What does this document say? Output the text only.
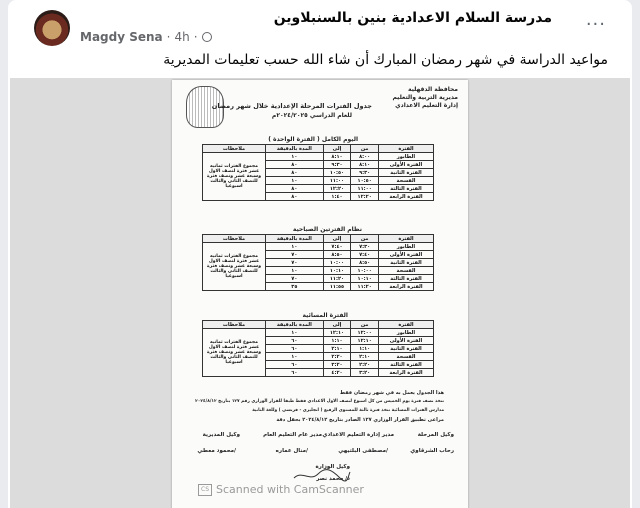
مدرسة السلام الاعدادية بنين بالسنبلاوين
Magdy Sena · 4h ·
···
مواعيد الدراسة في شهر رمضان المبارك أن شاء الله حسب تعليمات المديرية
محافظة الدقهلية
مديرية التربية والتعليم
إدارة التعليم الاعدادي
جدول الفترات المرحلة الإعدادية خلال شهر رمضان
للعام الدراسي ٢٠٢٤/٢٠٢٥م
اليوم الكامل ( الفترة الواحدة )
الفترة	من	إلى	المدة بالدقيقة	ملاحظات
الطابور	٨:٠٠	٨:١٠	١٠	مجموع الفترات ثمانيه عشر فترة لنصف الاول وسبعة عشر ونصف فترة للنصف الثاني والثالث اسبوعيا
الفترة الأولى	٨:١٠	٩:٣٠	٨٠	
الفترة الثانية	٩:٣٠	١٠:٥٠	٨٠	
الفسحة	١٠:٥٠	١١:٠٠	١٠	
الفترة الثالثة	١١:٠٠	١٢:٢٠	٨٠	
الفترة الرابعة	١٢:٢٠	١:٤٠	٨٠	
نظام الفترتين الصباحية
الفترة	من	إلى	المدة بالدقيقة	ملاحظات
الطابور	٧:٣٠	٧:٤٠	١٠	مجموع الفترات ثمانيه عشر فترة لنصف الاول وسبعة عشر ونصف فترة للنصف الثاني والثالث اسبوعيا
الفترة الأولى	٧:٤٠	٨:٥٠	٧٠	
الفترة الثانية	٨:٥٠	١٠:٠٠	٧٠	
الفسحة	١٠:٠٠	١٠:١٠	١٠	
الفترة الثالثة	١٠:١٠	١١:٢٠	٧٠	
الفترة الرابعة	١١:٢٠	١١:٥٥	٣٥	
الفترة المسائية
الفترة	من	إلى	المدة بالدقيقة	ملاحظات
الطابور	١٢:٠٠	١٢:١٠	١٠	مجموع الفترات ثمانيه عشر فترة لنصف الاول وسبعة عشر ونصف فترة للنصف الثاني والثالث اسبوعيا
الفترة الأولى	١٢:١٠	١:١٠	٦٠	
الفترة الثانية	١:١٠	٢:١٠	٦٠	
الفسحة	٢:١٠	٢:٢٠	١٠	
الفترة الثالثة	٢:٢٠	٣:٢٠	٦٠	
الفترة الرابعة	٣:٢٠	٤:٢٠	٦٠	
هذا الجدول يعمل به في شهر رمضان فقط
تتخذ نصف فترة يوم الخميس من كل اسبوع لنصف الاول الاعدادي فقط طبقا للقرار الوزاري رقم ١٢٧ بتاريخ ٢٠٢٤/٨/١٢
مدارس الفترات المسائية تتخذ فترة ثالثة للمستوى الرفيع ( انجليزي - فرنسي ) وللغة الثانية
مراعى تطبيق القرار الوزاري ١٢٧ الصادر بتاريخ ٢٠٢٤/٨/١٢ بحقل دقة
وكيل المرحلة
مدير إدارة التعليم الاعدادي
مدير عام التعليم العام
وكيل المديرية
رحاب الشرقاوي
/مصطفى البلتيهي
/منال عماره
/محمود معطي
وكيل الوزارة
د/ محمد نصر
CS Scanned with CamScanner
